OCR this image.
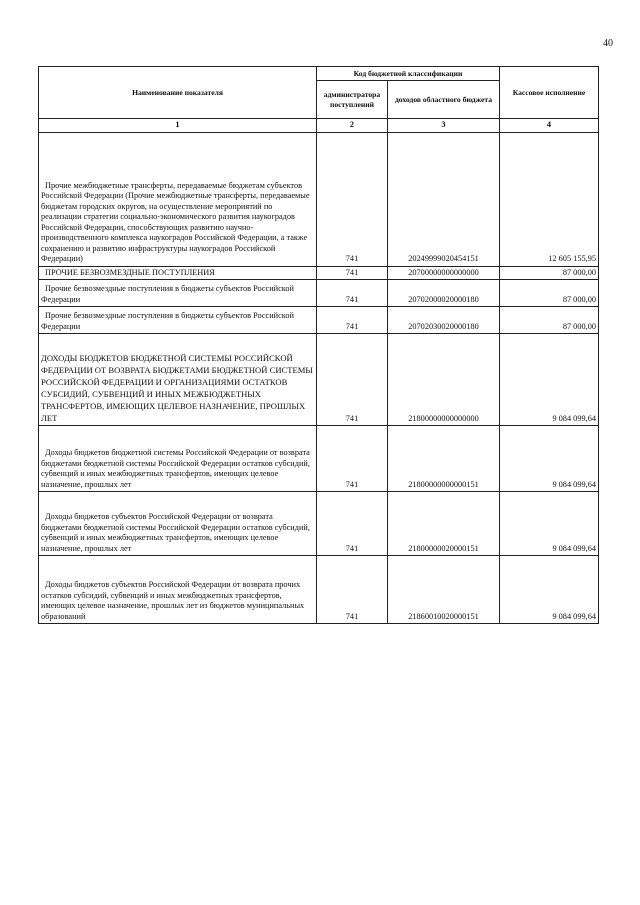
40
Наименование показателя	Код бюджетной классификации		Кассовое исполнение
	администратора поступлений	доходов областного бюджета	
1	2	3	4
Прочие межбюджетные трансферты, передаваемые бюджетам субъектов Российской Федерации (Прочие межбюджетные трансферты, передаваемые бюджетам городских округов, на осуществление мероприятий по реализации стратегии социально-экономического развития наукоградов Российской Федерации, способствующих развитию научно-производственного комплекса наукоградов Российской Федерации, а также сохранению и развитию инфраструктуры наукоградов Российской Федерации)	741	20249999020454151	12 605 155,95
ПРОЧИЕ БЕЗВОЗМЕЗДНЫЕ ПОСТУПЛЕНИЯ	741	20700000000000000	87 000,00
Прочие безвозмездные поступления в бюджеты субъектов Российской Федерации	741	20702000020000180	87 000,00
Прочие безвозмездные поступления в бюджеты субъектов Российской Федерации	741	20702030020000180	87 000,00
ДОХОДЫ БЮДЖЕТОВ БЮДЖЕТНОЙ СИСТЕМЫ РОССИЙСКОЙ ФЕДЕРАЦИИ ОТ ВОЗВРАТА БЮДЖЕТАМИ БЮДЖЕТНОЙ СИСТЕМЫ РОССИЙСКОЙ ФЕДЕРАЦИИ И ОРГАНИЗАЦИЯМИ ОСТАТКОВ СУБСИДИЙ, СУБВЕНЦИЙ И ИНЫХ МЕЖБЮДЖЕТНЫХ ТРАНСФЕРТОВ, ИМЕЮЩИХ ЦЕЛЕВОЕ НАЗНАЧЕНИЕ, ПРОШЛЫХ ЛЕТ	741	21800000000000000	9 084 099,64
Доходы бюджетов бюджетной системы Российской Федерации от возврата бюджетами бюджетной системы Российской Федерации остатков субсидий, субвенций и иных межбюджетных трансфертов, имеющих целевое назначение, прошлых лет	741	21800000000000151	9 084 099,64
Доходы бюджетов субъектов Российской Федерации от возврата бюджетами бюджетной системы Российской Федерации остатков субсидий, субвенций и иных межбюджетных трансфертов, имеющих целевое назначение, прошлых лет	741	21800000020000151	9 084 099,64
Доходы бюджетов субъектов Российской Федерации от возврата прочих остатков субсидий, субвенций и иных межбюджетных трансфертов, имеющих целевое назначение, прошлых лет из бюджетов муниципальных образований	741	21860010020000151	9 084 099,64
